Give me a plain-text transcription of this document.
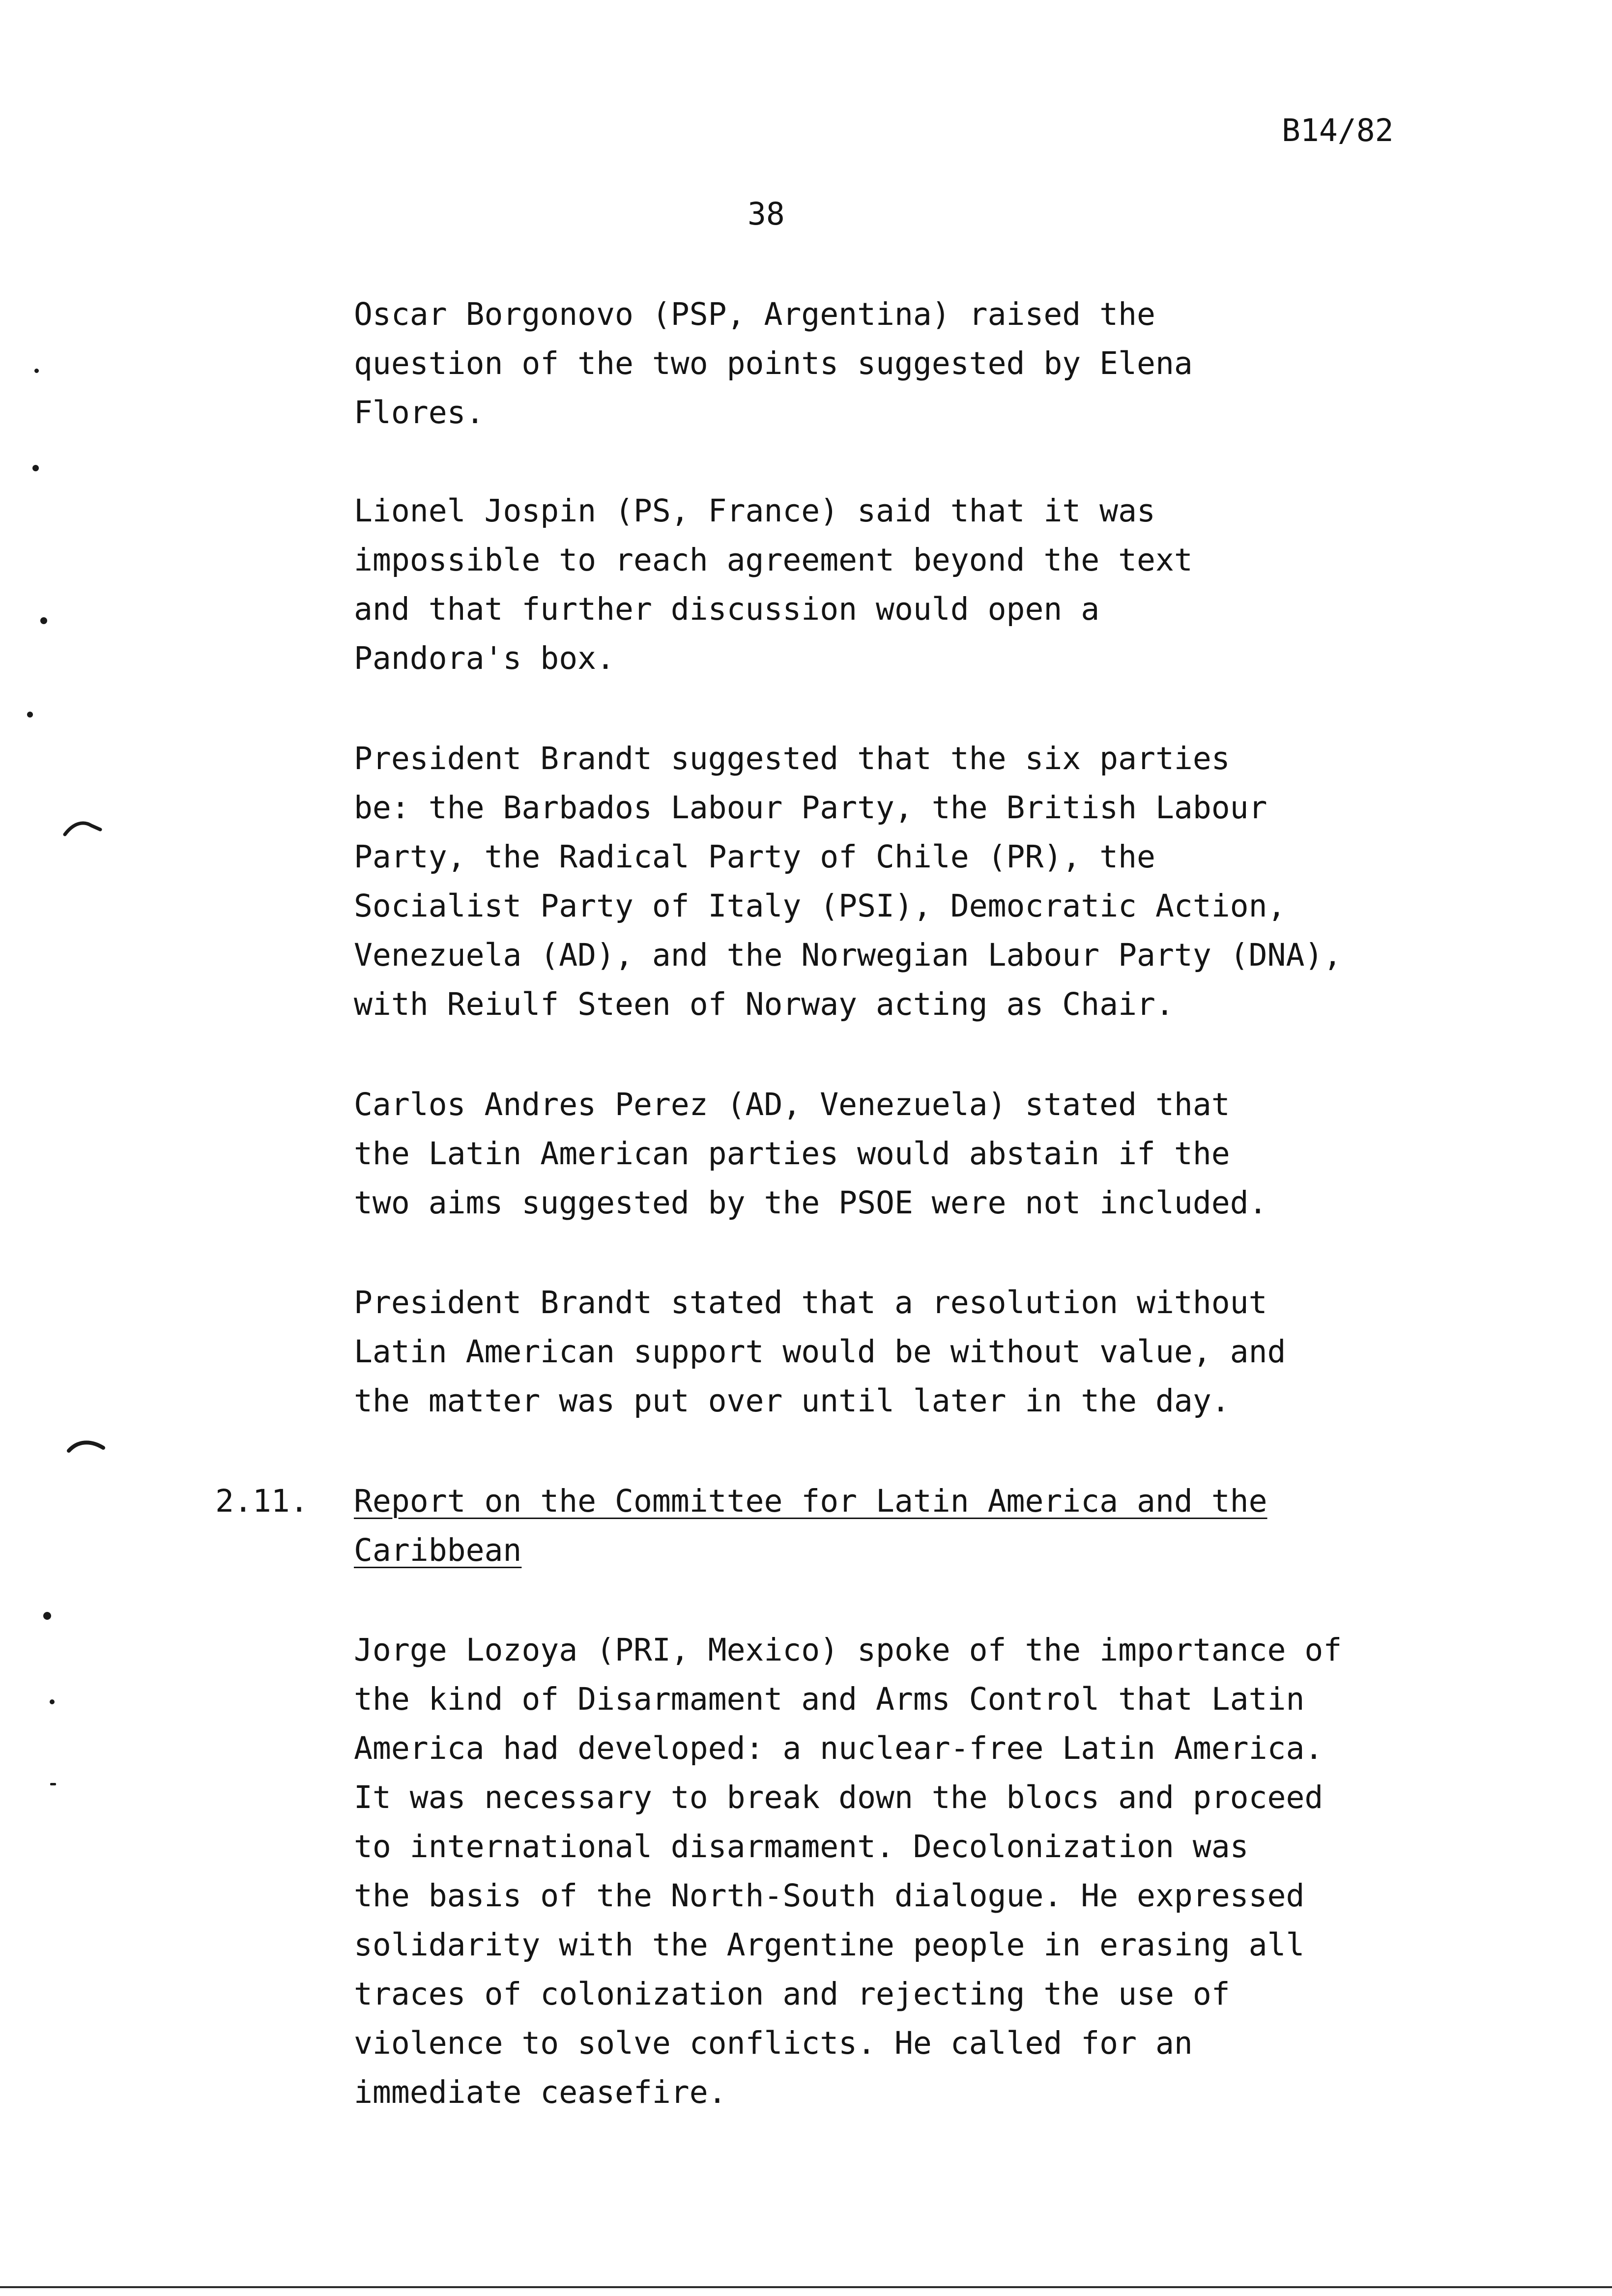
B14/82
38
Oscar Borgonovo (PSP, Argentina) raised the
question of the two points suggested by Elena
Flores.
Lionel Jospin (PS, France) said that it was
impossible to reach agreement beyond the text
and that further discussion would open a
Pandora's box.
President Brandt suggested that the six parties
be: the Barbados Labour Party, the British Labour
Party, the Radical Party of Chile (PR), the
Socialist Party of Italy (PSI), Democratic Action,
Venezuela (AD), and the Norwegian Labour Party (DNA),
with Reiulf Steen of Norway acting as Chair.
Carlos Andres Perez (AD, Venezuela) stated that
the Latin American parties would abstain if the
two aims suggested by the PSOE were not included.
President Brandt stated that a resolution without
Latin American support would be without value, and
the matter was put over until later in the day.
2.11. Report on the Committee for Latin America and the
Caribbean
Jorge Lozoya (PRI, Mexico) spoke of the importance of
the kind of Disarmament and Arms Control that Latin
America had developed: a nuclear-free Latin America.
It was necessary to break down the blocs and proceed
to international disarmament. Decolonization was
the basis of the North-South dialogue. He expressed
solidarity with the Argentine people in erasing all
traces of colonization and rejecting the use of
violence to solve conflicts. He called for an
immediate ceasefire.
